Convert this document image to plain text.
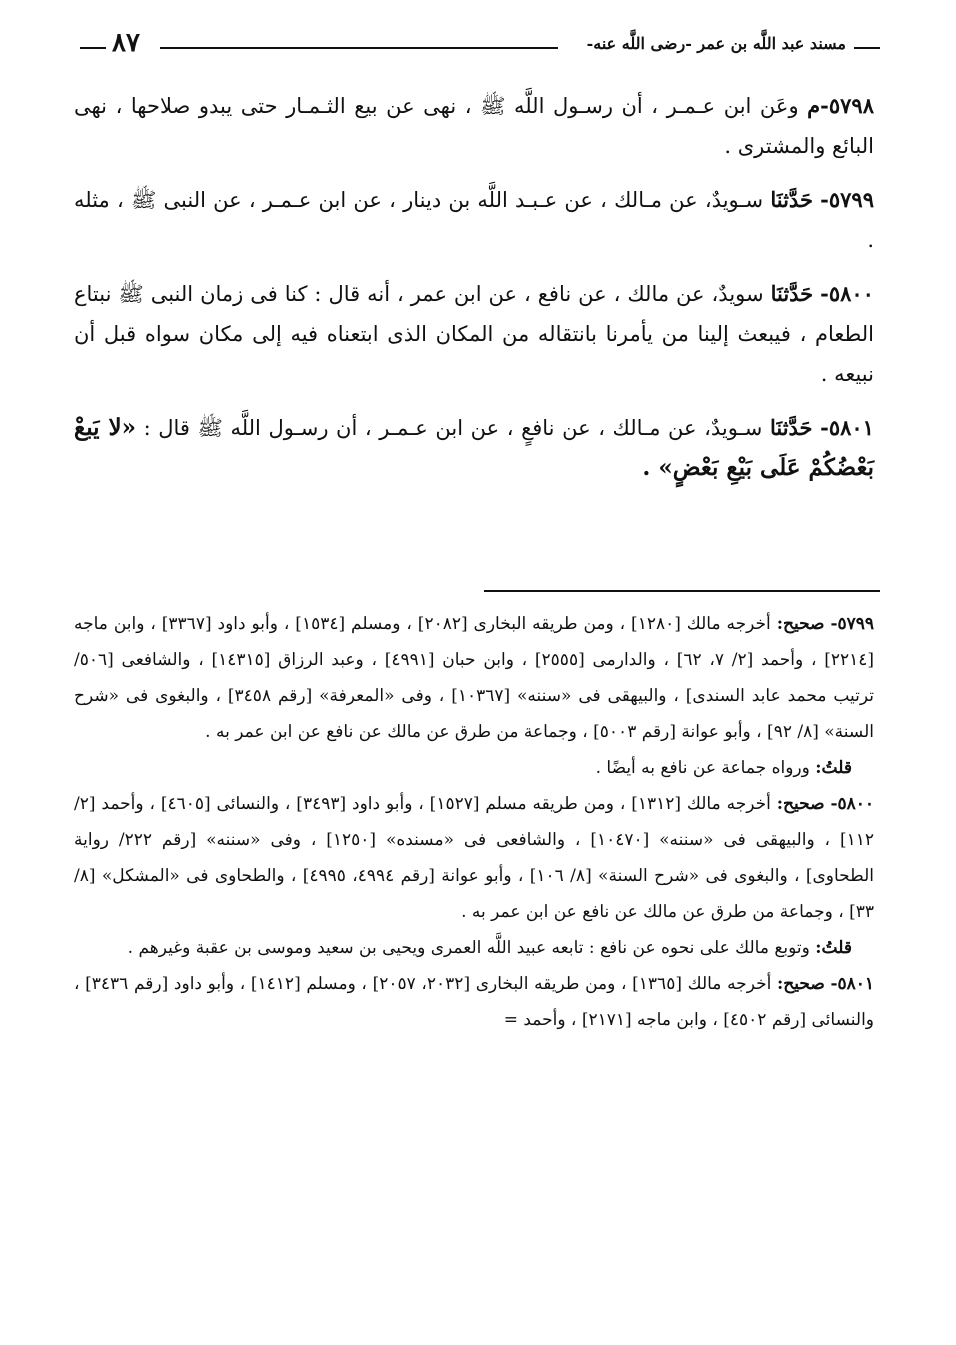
مسند عبد اللَّه بن عمر -رضى اللَّه عنه-
٨٧

٥٧٩٨-م وعَن ابن عـمـر ، أن رسـول اللَّه ﷺ ، نهى عن بيع الثـمـار حتى يبدو صلاحها ، نهى البائع والمشترى .

٥٧٩٩- حَدَّثنَا سـويدٌ، عن مـالك ، عن عـبـد اللَّه بن دينار ، عن ابن عـمـر ، عن النبى ﷺ ، مثله .

٥٨٠٠- حَدَّثنَا سويدٌ، عن مالك ، عن نافع ، عن ابن عمر ، أنه قال : كنا فى زمان النبى ﷺ نبتاع الطعام ، فيبعث إلينا من يأمرنا بانتقاله من المكان الذى ابتعناه فيه إلى مكان سواه قبل أن نبيعه .

٥٨٠١- حَدَّثنَا سـويدٌ، عن مـالك ، عن نافعٍ ، عن ابن عـمـر ، أن رسـول اللَّه ﷺ قال : «لا يَبعْ بَعْضُكُمْ عَلَى بَيْعِ بَعْضٍ» .

٥٧٩٩- صحيح: أخرجه مالك [١٢٨٠] ، ومن طريقه البخارى [٢٠٨٢] ، ومسلم [١٥٣٤] ، وأبو داود [٣٣٦٧] ، وابن ماجه [٢٢١٤] ، وأحمد [٢/ ٧، ٦٢] ، والدارمى [٢٥٥٥] ، وابن حبان [٤٩٩١] ، وعبد الرزاق [١٤٣١٥] ، والشافعى [٥٠٦/ ترتيب محمد عابد السندى] ، والبيهقى فى «سننه» [١٠٣٦٧] ، وفى «المعرفة» [رقم ٣٤٥٨] ، والبغوى فى «شرح السنة» [٨/ ٩٢] ، وأبو عوانة [رقم ٥٠٠٣] ، وجماعة من طرق عن مالك عن نافع عن ابن عمر به .

قلتُ: ورواه جماعة عن نافع به أيضًا .

٥٨٠٠- صحيح: أخرجه مالك [١٣١٢] ، ومن طريقه مسلم [١٥٢٧] ، وأبو داود [٣٤٩٣] ، والنسائى [٤٦٠٥] ، وأحمد [٢/ ١١٢] ، والبيهقى فى «سننه» [١٠٤٧٠] ، والشافعى فى «مسنده» [١٢٥٠] ، وفى «سننه» [رقم ٢٢٢/ رواية الطحاوى] ، والبغوى فى «شرح السنة» [٨/ ١٠٦] ، وأبو عوانة [رقم ٤٩٩٤، ٤٩٩٥] ، والطحاوى فى «المشكل» [٨/ ٣٣] ، وجماعة من طرق عن مالك عن نافع عن ابن عمر به .

قلتُ: وتوبع مالك على نحوه عن نافع : تابعه عبيد اللَّه العمرى ويحيى بن سعيد وموسى بن عقبة وغيرهم .

٥٨٠١- صحيح: أخرجه مالك [١٣٦٥] ، ومن طريقه البخارى [٢٠٣٢، ٢٠٥٧] ، ومسلم [١٤١٢] ، وأبو داود [رقم ٣٤٣٦] ، والنسائى [رقم ٤٥٠٢] ، وابن ماجه [٢١٧١] ، وأحمد =
